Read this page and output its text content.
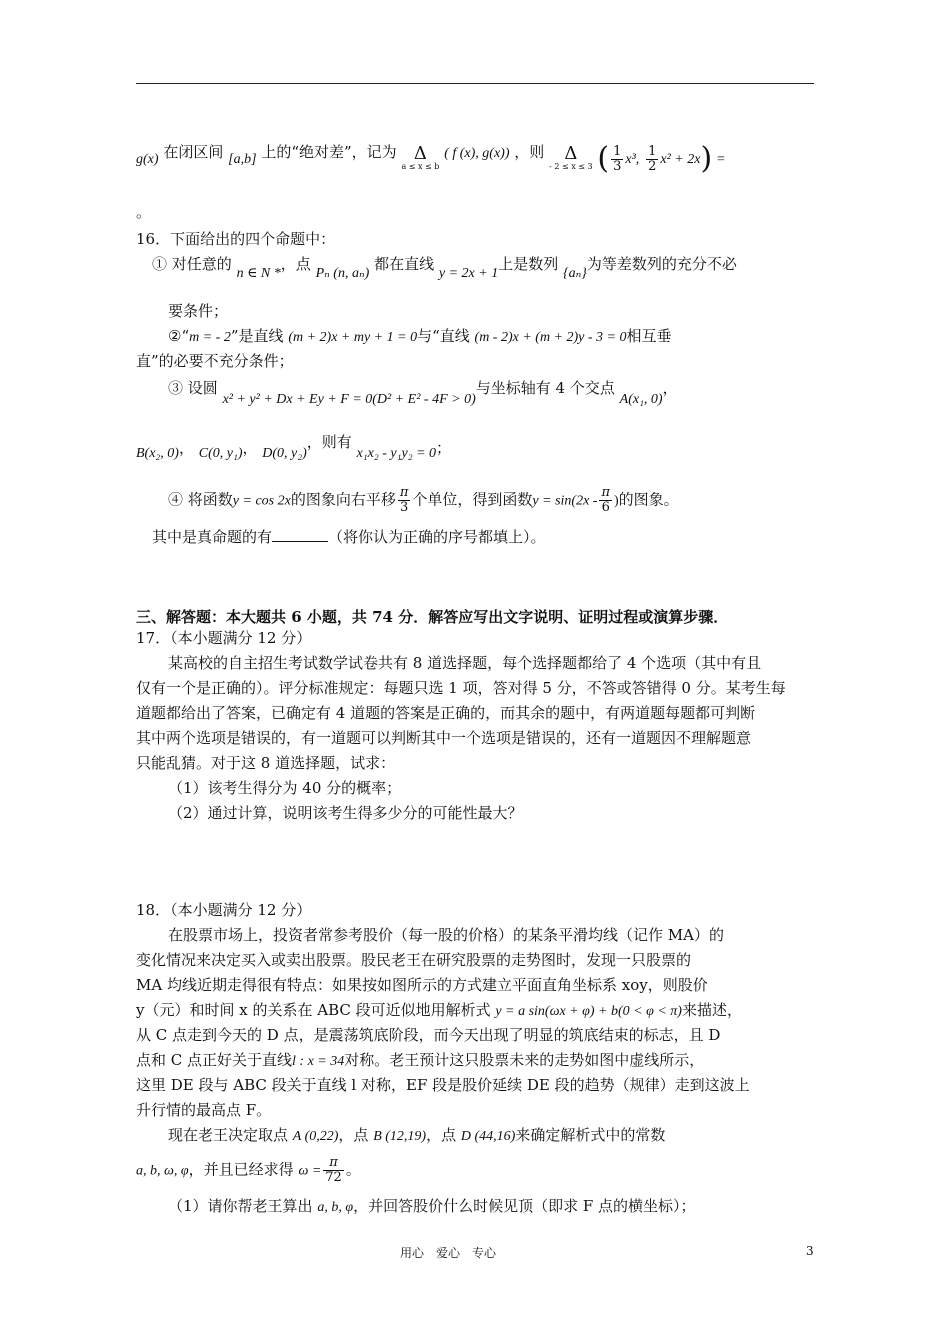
g(x) 在闭区间 [a,b] 上的“绝对差”，记为 Δ
a ≤ x ≤ b
( f (x), g(x)) ，则 Δ
- 2 ≤ x ≤ 3 ( $\frac{1}{3} x^3$, $\frac{1}{2} x^2 + 2x$) =
。
16．下面给出的四个命题中：
① 对任意的 n ∈ N *，点 Pₙ (n, aₙ) 都在直线 y = 2x + 1上是数列 {aₙ}为等差数列的充分不必
要条件；
②“m = - 2”是直线 (m + 2)x + my + 1 = 0与“直线 (m - 2)x + (m + 2)y - 3 = 0相互垂
直”的必要不充分条件；
③ 设圆 x² + y² + Dx + Ey + F = 0(D² + E² - 4F > 0)与坐标轴有 4 个交点 A(x₁, 0)，
B(x₂, 0)， C(0, y₁)， D(0, y₂)，则有 x₁x₂ - y₁y₂ = 0；
④ 将函数y = cos 2x的图象向右平移 $\frac{\pi}{3}$ 个单位，得到函数$y = \sin(2x - \frac{\pi}{6}$ )的图象。
其中是真命题的有	（将你认为正确的序号都填上）。
三、解答题：本大题共 6 小题，共 74 分．解答应写出文字说明、证明过程或演算步骤．
17．（本小题满分 12 分）
某高校的自主招生考试数学试卷共有 8 道选择题，每个选择题都给了 4 个选项（其中有且
仅有一个是正确的）。评分标准规定：每题只选 1 项，答对得 5 分，不答或答错得 0 分。某考生每
道题都给出了答案，已确定有 4 道题的答案是正确的，而其余的题中，有两道题每题都可判断
其中两个选项是错误的，有一道题可以判断其中一个选项是错误的，还有一道题因不理解题意
只能乱猜。对于这 8 道选择题，试求：
（1）该考生得分为 40 分的概率；
（2）通过计算，说明该考生得多少分的可能性最大？
18．（本小题满分 12 分）
在股票市场上，投资者常参考股价（每一股的价格）的某条平滑均线（记作 MA）的
变化情况来决定买入或卖出股票。股民老王在研究股票的走势图时，发现一只股票的
MA 均线近期走得很有特点：如果按如图所示的方式建立平面直角坐标系 xoy，则股价
y（元）和时间 x 的关系在 ABC 段可近似地用解析式 y = a sin(ωx + φ) + b(0 < φ < π)来描述，
从 C 点走到今天的 D 点，是震荡筑底阶段，而今天出现了明显的筑底结束的标志，且 D
点和 C 点正好关于直线l : x = 34对称。老王预计这只股票未来的走势如图中虚线所示，
这里 DE 段与 ABC 段关于直线 l 对称，EF 段是股价延续 DE 段的趋势（规律）走到这波上
升行情的最高点 F。
现在老王决定取点 A (0,22)，点 B (12,19)，点 D (44,16)来确定解析式中的常数
a, b, ω, φ，并且已经求得 $\omega = \frac{\pi}{72}$ 。
（1）请你帮老王算出 a, b, φ，并回答股价什么时候见顶（即求 F 点的横坐标）；
用心　爱心　专心	3
